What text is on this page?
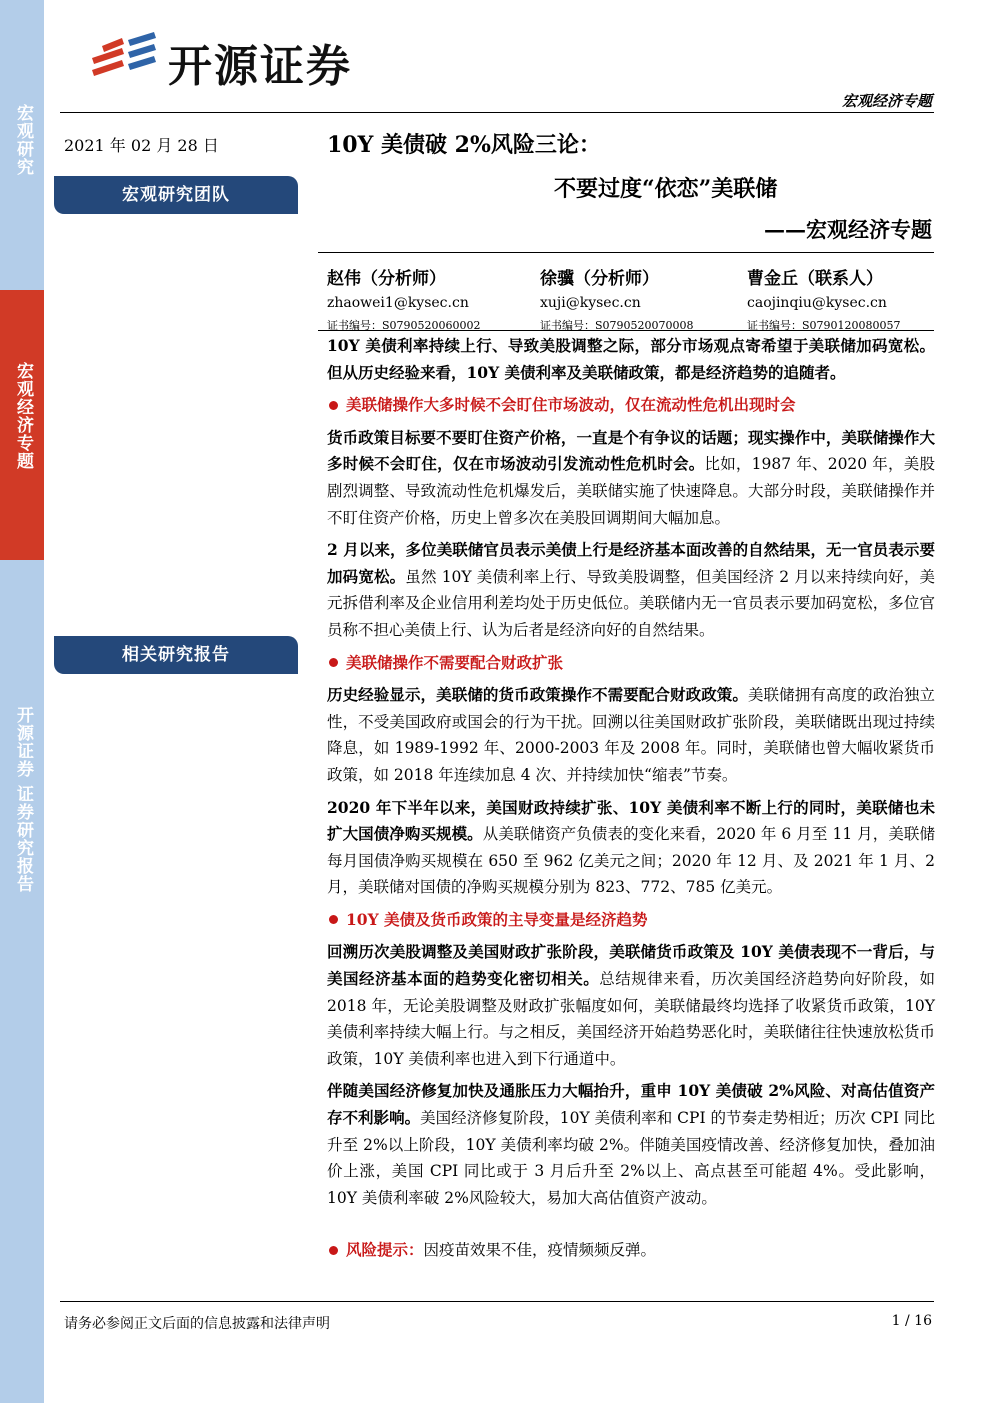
宏观研究
宏观经济专题
开源证券 证券研究报告
开源证券
宏观经济专题
2021 年 02 月 28 日
宏观研究团队
相关研究报告
10Y 美债破 2%风险三论：
不要过度“依恋”美联储
——宏观经济专题
赵伟（分析师）
zhaowei1@kysec.cn
证书编号：S0790520060002
徐骥（分析师）
xuji@kysec.cn
证书编号：S0790520070008
曹金丘（联系人）
caojinqiu@kysec.cn
证书编号：S0790120080057

10Y 美债利率持续上行、导致美股调整之际，部分市场观点寄希望于美联储加码宽松。但从历史经验来看，10Y 美债利率及美联储政策，都是经济趋势的追随者。

美联储操作大多时候不会盯住市场波动，仅在流动性危机出现时会

货币政策目标要不要盯住资产价格，一直是个有争议的话题；现实操作中，美联储操作大多时候不会盯住，仅在市场波动引发流动性危机时会。比如，1987 年、2020 年，美股剧烈调整、导致流动性危机爆发后，美联储实施了快速降息。大部分时段，美联储操作并不盯住资产价格，历史上曾多次在美股回调期间大幅加息。

2 月以来，多位美联储官员表示美债上行是经济基本面改善的自然结果，无一官员表示要加码宽松。虽然 10Y 美债利率上行、导致美股调整，但美国经济 2 月以来持续向好，美元拆借利率及企业信用利差均处于历史低位。美联储内无一官员表示要加码宽松，多位官员称不担心美债上行、认为后者是经济向好的自然结果。

美联储操作不需要配合财政扩张

历史经验显示，美联储的货币政策操作不需要配合财政政策。美联储拥有高度的政治独立性，不受美国政府或国会的行为干扰。回溯以往美国财政扩张阶段，美联储既出现过持续降息，如 1989-1992 年、2000-2003 年及 2008 年。同时，美联储也曾大幅收紧货币政策，如 2018 年连续加息 4 次、并持续加快“缩表”节奏。

2020 年下半年以来，美国财政持续扩张、10Y 美债利率不断上行的同时，美联储也未扩大国债净购买规模。从美联储资产负债表的变化来看，2020 年 6 月至 11 月，美联储每月国债净购买规模在 650 至 962 亿美元之间；2020 年 12 月、及 2021 年 1 月、2 月，美联储对国债的净购买规模分别为 823、772、785 亿美元。

10Y 美债及货币政策的主导变量是经济趋势

回溯历次美股调整及美国财政扩张阶段，美联储货币政策及 10Y 美债表现不一背后，与美国经济基本面的趋势变化密切相关。总结规律来看，历次美国经济趋势向好阶段，如 2018 年，无论美股调整及财政扩张幅度如何，美联储最终均选择了收紧货币政策，10Y 美债利率持续大幅上行。与之相反，美国经济开始趋势恶化时，美联储往往快速放松货币政策，10Y 美债利率也进入到下行通道中。

伴随美国经济修复加快及通胀压力大幅抬升，重申 10Y 美债破 2%风险、对高估值资产存不利影响。美国经济修复阶段，10Y 美债利率和 CPI 的节奏走势相近；历次 CPI 同比升至 2%以上阶段，10Y 美债利率均破 2%。伴随美国疫情改善、经济修复加快，叠加油价上涨，美国 CPI 同比或于 3 月后升至 2%以上、高点甚至可能超 4%。受此影响，10Y 美债利率破 2%风险较大，易加大高估值资产波动。

风险提示：因疫苗效果不佳，疫情频频反弹。
请务必参阅正文后面的信息披露和法律声明	1 / 16
